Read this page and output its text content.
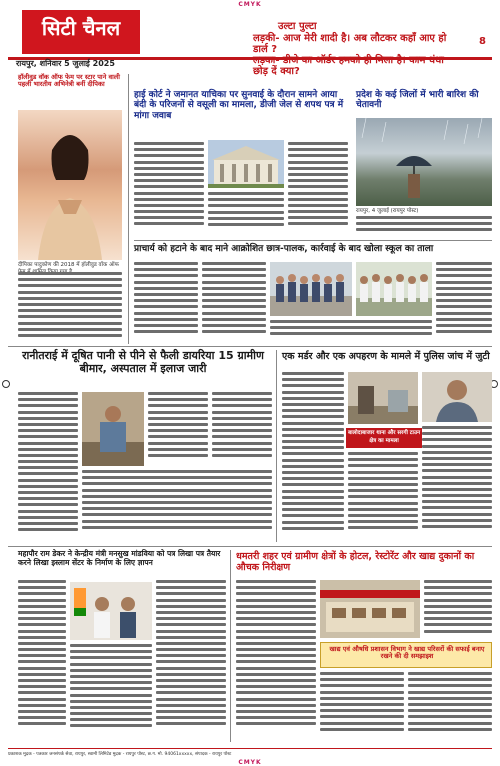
CMYK
CMYK
सिटी चैनल	उल्टा पुल्टा
लड़की- आज मेरी शादी है। अब लौटकर कहाँ आए हो
डार्ल ?
लड़का- डीजे का ऑर्डर हमको ही मिला है। काम धंधा
छोड़ दें क्या?
8
रायपुर, शनिवार 5 जुलाई 2025
हॉलीवुड वॉक ऑफ फेम पर स्टार पाने वाली पहली भारतीय अभिनेत्री बनीं दीपिका
दीपिका पादुकोण की 2018 में हॉलीवुड वॉक ऑफ
हाई कोर्ट ने जमानत याचिका पर सुनवाई के दौरान सामने आया बंदी के परिजनों से वसूली का मामला, डीजी जेल से शपथ पत्र में मांगा जवाब
प्रदेश के कई जिलों में भारी बारिश की चेतावनी
रायपुर, 4 जुलाई (रायपुर पोस्ट)
प्राचार्य को हटाने के बाद माने आक्रोशित छात्र-पालक, कार्रवाई के बाद खोला स्कूल का ताला
रानीतराई में दूषित पानी से पीने से फैली डायरिया 15 ग्रामीण बीमार, अस्पताल में इलाज जारी
एक मर्डर और एक अपहरण के मामले में पुलिस जांच में जुटी
बालोदाबाजार थाना और सरगी टाउन क्षेत्र का मामला
महापौर राम डेकर ने केन्द्रीय मंत्री मनसुख मांडविया को पत्र लिखा पत्र तैयार करने लिखा इस्लाम सेंटर के निर्माण के लिए ज्ञापन
धमतरी शहर एवं ग्रामीण क्षेत्रों के होटल, रेस्टोरेंट और खाद्य दुकानों का औचक निरीक्षण
खाद्य एवं औषधि प्रशासन विभाग ने खाद्य परिसरों की सफाई बनाए रखने की दी समझाइश
प्रकाशक मुद्रक - पत्रकार जनसंपर्क सेवा, रायपुर, स्वामी लिमिटेड मुद्रक - रायपुर पोस्ट, छ.ग. मो. 94061xxxxx, संपादक - रायपुर पोस्ट
